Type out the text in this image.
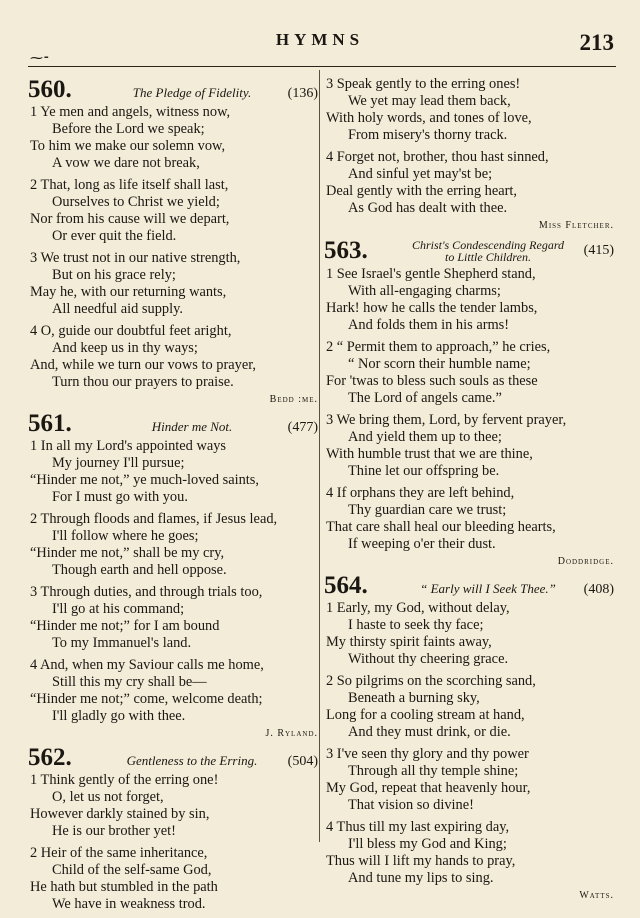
HYMNS	213
⁓⁃
560.	The Pledge of Fidelity.	(136)
1 Ye men and angels, witness now,
Before the Lord we speak;
To him we make our solemn vow,
A vow we dare not break,
2 That, long as life itself shall last,
Ourselves to Christ we yield;
Nor from his cause will we depart,
Or ever quit the field.
3 We trust not in our native strength,
But on his grace rely;
May he, with our returning wants,
All needful aid supply.
4 O, guide our doubtful feet aright,
And keep us in thy ways;
And, while we turn our vows to prayer,
Turn thou our prayers to praise.
Bedd :me.
561.	Hinder me Not.	(477)
1 In all my Lord's appointed ways
My journey I'll pursue;
“Hinder me not,” ye much-loved saints,
For I must go with you.
2 Through floods and flames, if Jesus lead,
I'll follow where he goes;
“Hinder me not,” shall be my cry,
Though earth and hell oppose.
3 Through duties, and through trials too,
I'll go at his command;
“Hinder me not;” for I am bound
To my Immanuel's land.
4 And, when my Saviour calls me home,
Still this my cry shall be—
“Hinder me not;” come, welcome death;
I'll gladly go with thee.
J. Ryland.
562.	Gentleness to the Erring.	(504)
1 Think gently of the erring one!
O, let us not forget,
However darkly stained by sin,
He is our brother yet!
2 Heir of the same inheritance,
Child of the self-same God,
He hath but stumbled in the path
We have in weakness trod.
3 Speak gently to the erring ones!
We yet may lead them back,
With holy words, and tones of love,
From misery's thorny track.
4 Forget not, brother, thou hast sinned,
And sinful yet may'st be;
Deal gently with the erring heart,
As God has dealt with thee.
Miss Fletcher.
563.	Christ's Condescending Regard
to Little Children.	(415)
1 See Israel's gentle Shepherd stand,
With all-engaging charms;
Hark! how he calls the tender lambs,
And folds them in his arms!
2 “ Permit them to approach,” he cries,
“ Nor scorn their humble name;
For 'twas to bless such souls as these
The Lord of angels came.”
3 We bring them, Lord, by fervent prayer,
And yield them up to thee;
With humble trust that we are thine,
Thine let our offspring be.
4 If orphans they are left behind,
Thy guardian care we trust;
That care shall heal our bleeding hearts,
If weeping o'er their dust.
Doddridge.
564.	“ Early will I Seek Thee.”	(408)
1 Early, my God, without delay,
I haste to seek thy face;
My thirsty spirit faints away,
Without thy cheering grace.
2 So pilgrims on the scorching sand,
Beneath a burning sky,
Long for a cooling stream at hand,
And they must drink, or die.
3 I've seen thy glory and thy power
Through all thy temple shine;
My God, repeat that heavenly hour,
That vision so divine!
4 Thus till my last expiring day,
I'll bless my God and King;
Thus will I lift my hands to pray,
And tune my lips to sing.
Watts.
